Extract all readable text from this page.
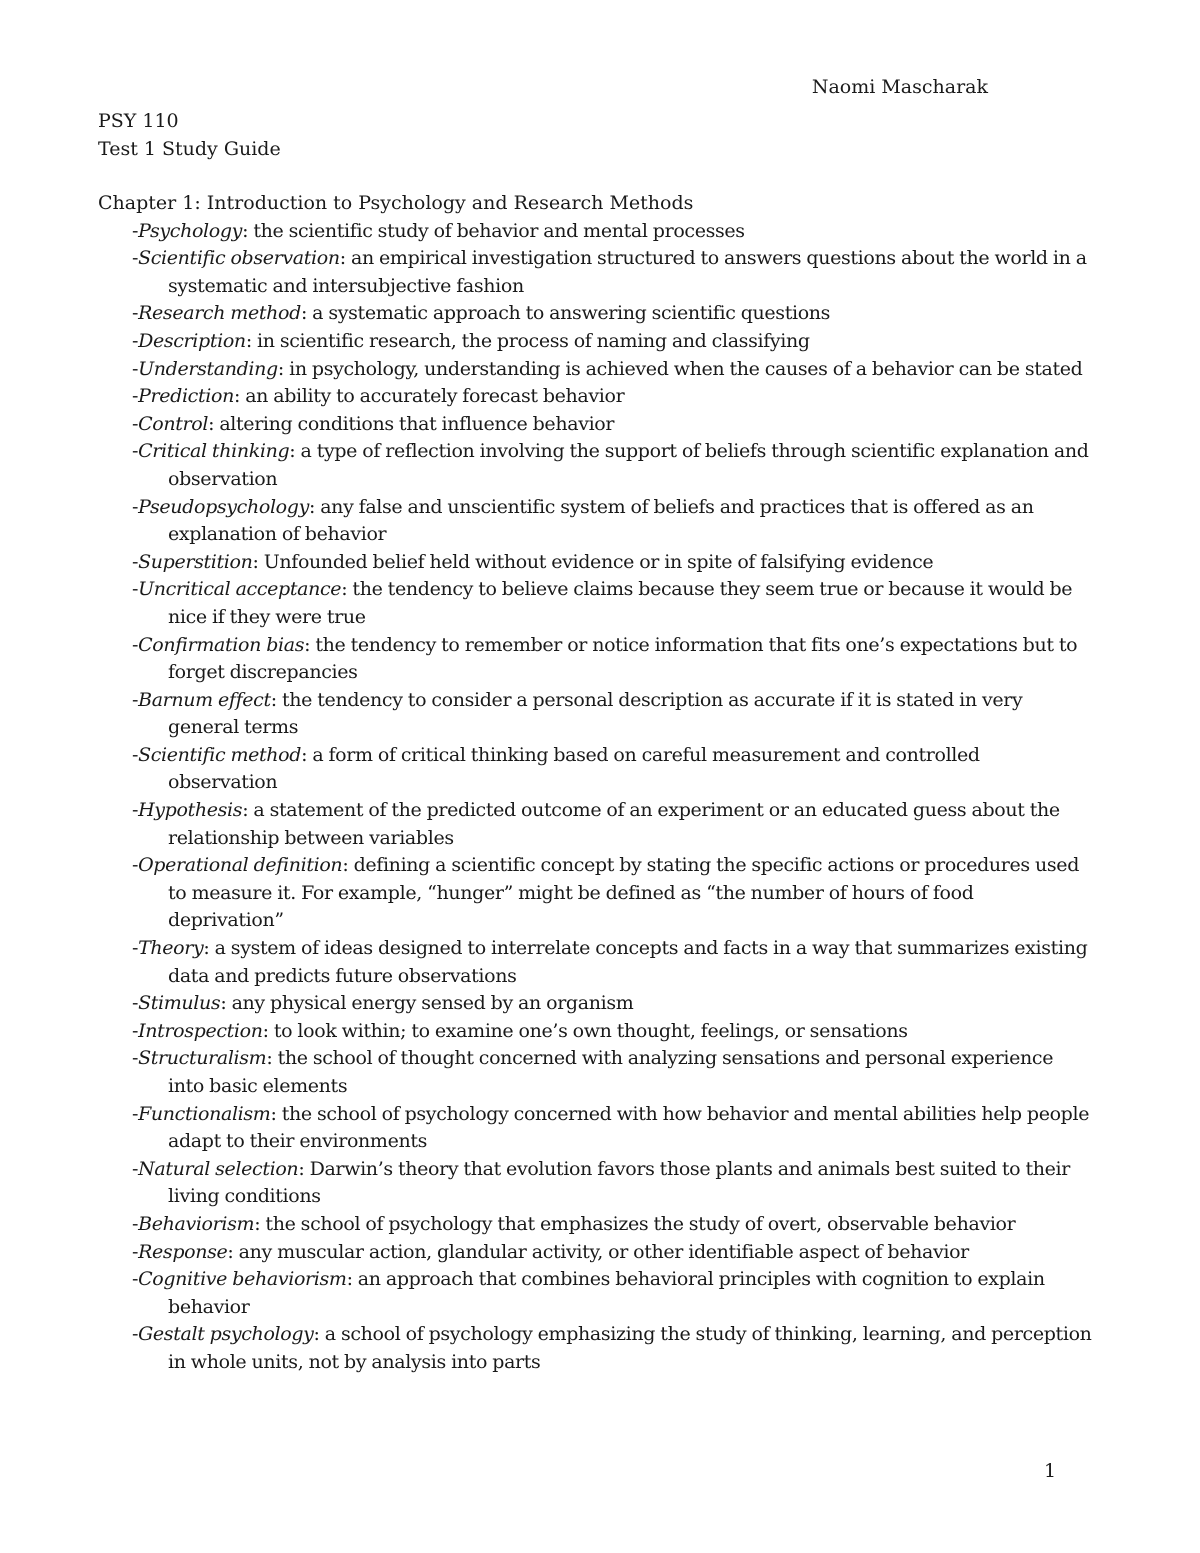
Naomi Mascharak
PSY 110
Test 1 Study Guide
Chapter 1: Introduction to Psychology and Research Methods
-Psychology: the scientific study of behavior and mental processes
-Scientific observation: an empirical investigation structured to answers questions about the world in a systematic and intersubjective fashion
-Research method: a systematic approach to answering scientific questions
-Description: in scientific research, the process of naming and classifying
-Understanding: in psychology, understanding is achieved when the causes of a behavior can be stated
-Prediction: an ability to accurately forecast behavior
-Control: altering conditions that influence behavior
-Critical thinking: a type of reflection involving the support of beliefs through scientific explanation and observation
-Pseudopsychology: any false and unscientific system of beliefs and practices that is offered as an explanation of behavior
-Superstition: Unfounded belief held without evidence or in spite of falsifying evidence
-Uncritical acceptance: the tendency to believe claims because they seem true or because it would be nice if they were true
-Confirmation bias: the tendency to remember or notice information that fits one’s expectations but to forget discrepancies
-Barnum effect: the tendency to consider a personal description as accurate if it is stated in very general terms
-Scientific method: a form of critical thinking based on careful measurement and controlled observation
-Hypothesis: a statement of the predicted outcome of an experiment or an educated guess about the relationship between variables
-Operational definition: defining a scientific concept by stating the specific actions or procedures used to measure it. For example, “hunger” might be defined as “the number of hours of food deprivation”
-Theory: a system of ideas designed to interrelate concepts and facts in a way that summarizes existing data and predicts future observations
-Stimulus: any physical energy sensed by an organism
-Introspection: to look within; to examine one’s own thought, feelings, or sensations
-Structuralism: the school of thought concerned with analyzing sensations and personal experience into basic elements
-Functionalism: the school of psychology concerned with how behavior and mental abilities help people adapt to their environments
-Natural selection: Darwin’s theory that evolution favors those plants and animals best suited to their living conditions
-Behaviorism: the school of psychology that emphasizes the study of overt, observable behavior
-Response: any muscular action, glandular activity, or other identifiable aspect of behavior
-Cognitive behaviorism: an approach that combines behavioral principles with cognition to explain behavior
-Gestalt psychology: a school of psychology emphasizing the study of thinking, learning, and perception in whole units, not by analysis into parts
1
